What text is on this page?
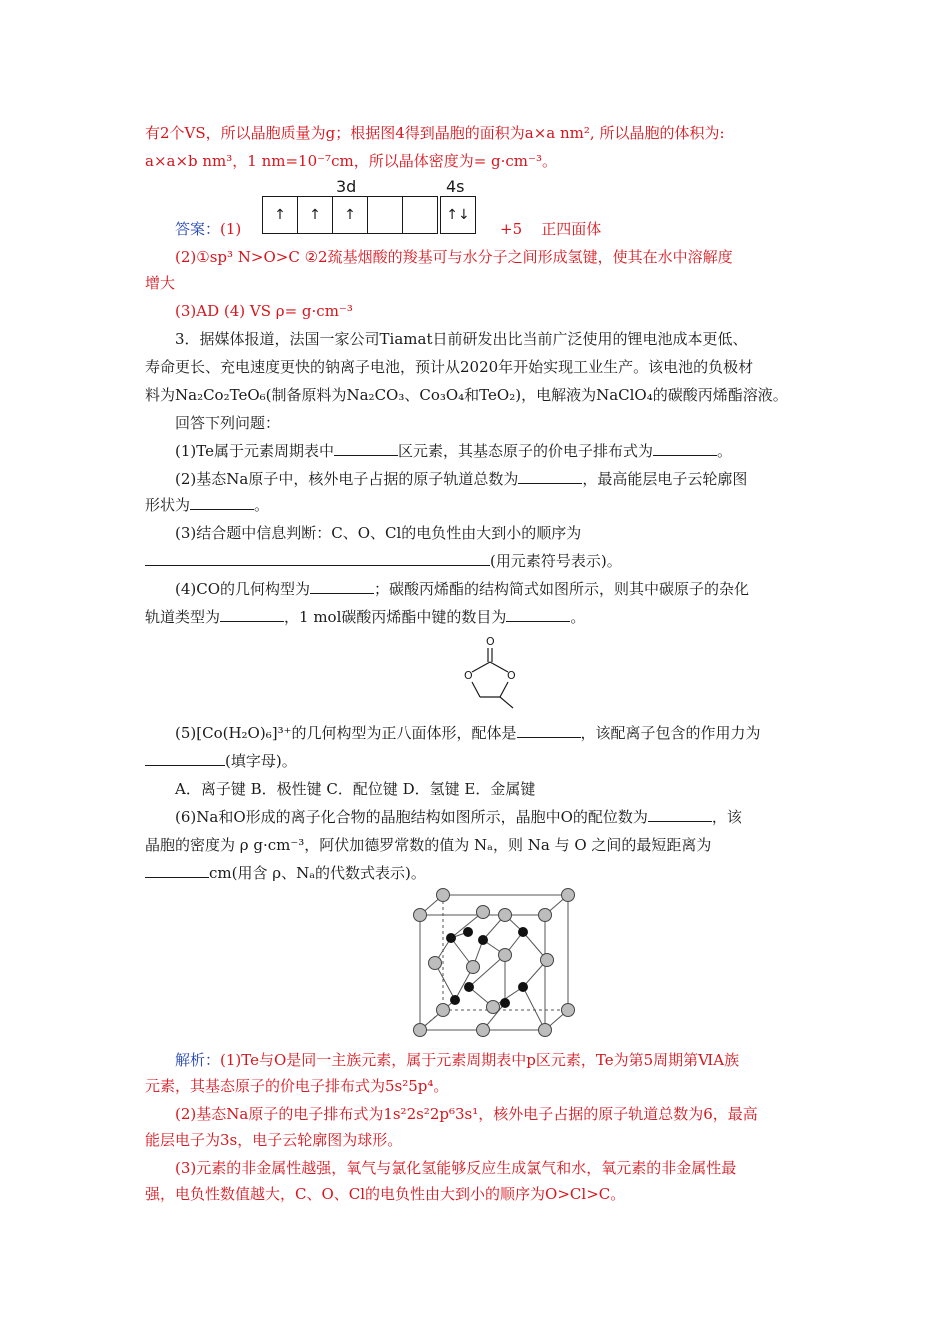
有2个VS，所以晶胞质量为g；根据图4得到晶胞的面积为a×a nm², 所以晶胞的体积为:
a×a×b nm³，1 nm=10⁻⁷cm，所以晶体密度为= g·cm⁻³。
答案：(1)
3d	4s
↑ ↑ ↑	↑↓
+5 正四面体
(2)①sp³ N>O>C ②2巯基烟酸的羧基可与水分子之间形成氢键，使其在水中溶解度
增大
(3)AD (4) VS ρ= g·cm⁻³
3．据媒体报道，法国一家公司Tiamat日前研发出比当前广泛使用的锂电池成本更低、
寿命更长、充电速度更快的钠离子电池，预计从2020年开始实现工业生产。该电池的负极材
料为Na₂Co₂TeO₆(制备原料为Na₂CO₃、Co₃O₄和TeO₂)，电解液为NaClO₄的碳酸丙烯酯溶液。
回答下列问题：
(1)Te属于元素周期表中	区元素，其基态原子的价电子排布式为	。
(2)基态Na原子中，核外电子占据的原子轨道总数为	，最高能层电子云轮廓图
形状为	。
(3)结合题中信息判断：C、O、Cl的电负性由大到小的顺序为
(用元素符号表示)。
(4)CO的几何构型为	；碳酸丙烯酯的结构简式如图所示，则其中碳原子的杂化
轨道类型为	，1 mol碳酸丙烯酯中键的数目为	。
O
O	O
(5)[Co(H₂O)₆]³⁺的几何构型为正八面体形，配体是	，该配离子包含的作用力为
(填字母)。
A．离子键 B．极性键 C．配位键 D．氢键 E．金属键
(6)Na和O形成的离子化合物的晶胞结构如图所示，晶胞中O的配位数为	，该
晶胞的密度为 ρ g·cm⁻³，阿伏加德罗常数的值为 Nₐ，则 Na 与 O 之间的最短距离为
cm(用含 ρ、Nₐ的代数式表示)。
解析：(1)Te与O是同一主族元素，属于元素周期表中p区元素，Te为第5周期第ⅥA族
元素，其基态原子的价电子排布式为5s²5p⁴。
(2)基态Na原子的电子排布式为1s²2s²2p⁶3s¹，核外电子占据的原子轨道总数为6，最高
能层电子为3s，电子云轮廓图为球形。
(3)元素的非金属性越强，氧气与氯化氢能够反应生成氯气和水，氧元素的非金属性最
强，电负性数值越大，C、O、Cl的电负性由大到小的顺序为O>Cl>C。
